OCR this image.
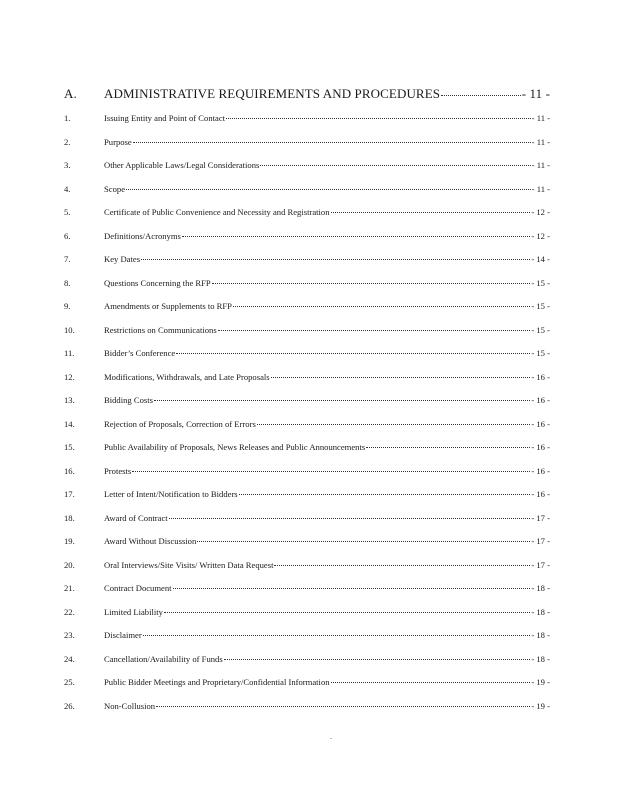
A.	ADMINISTRATIVE REQUIREMENTS AND PROCEDURES	- 11 -
1.	Issuing Entity and Point of Contact	- 11 -
2.	Purpose	- 11 -
3.	Other Applicable Laws/Legal Considerations	- 11 -
4.	Scope	- 11 -
5.	Certificate of Public Convenience and Necessity and Registration	- 12 -
6.	Definitions/Acronyms	- 12 -
7.	Key Dates	- 14 -
8.	Questions Concerning the RFP	- 15 -
9.	Amendments or Supplements to RFP	- 15 -
10.	Restrictions on Communications	- 15 -
11.	Bidder’s Conference	- 15 -
12.	Modifications, Withdrawals, and Late Proposals	- 16 -
13.	Bidding Costs	- 16 -
14.	Rejection of Proposals, Correction of Errors	- 16 -
15.	Public Availability of Proposals, News Releases and Public Announcements	- 16 -
16.	Protests	- 16 -
17.	Letter of Intent/Notification to Bidders	- 16 -
18.	Award of Contract	- 17 -
19.	Award Without Discussion	- 17 -
20.	Oral Interviews/Site Visits/ Written Data Request	- 17 -
21.	Contract Document	- 18 -
22.	Limited Liability	- 18 -
23.	Disclaimer	- 18 -
24.	Cancellation/Availability of Funds	- 18 -
25.	Public Bidder Meetings and Proprietary/Confidential Information	- 19 -
26.	Non-Collusion	- 19 -
